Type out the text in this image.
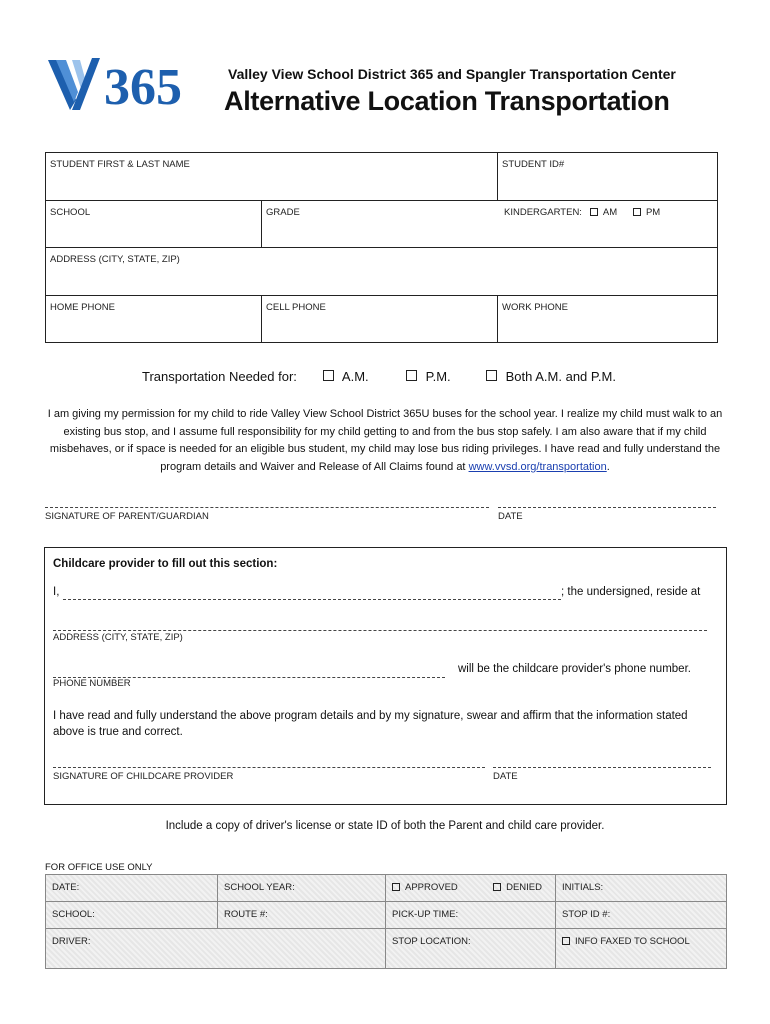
365	Valley View School District 365 and Spangler Transportation Center
Alternative Location Transportation
STUDENT FIRST & LAST NAME	STUDENT ID#
SCHOOL	GRADE	KINDERGARTEN: AM	PM
ADDRESS (CITY, STATE, ZIP)
HOME PHONE	CELL PHONE	WORK PHONE
Transportation Needed for:	A.M.	P.M.	Both A.M. and P.M.
I am giving my permission for my child to ride Valley View School District 365U buses for the school year. I realize my child must walk to an existing bus stop, and I assume full responsibility for my child getting to and from the bus stop safely. I am also aware that if my child misbehaves, or if space is needed for an eligible bus student, my child may lose bus riding privileges. I have read and fully understand the program details and Waiver and Release of All Claims found at www.vvsd.org/transportation.
SIGNATURE OF PARENT/GUARDIAN	DATE
Childcare provider to fill out this section:
I,	; the undersigned, reside at
ADDRESS (CITY, STATE, ZIP)
will be the childcare provider's phone number.
PHONE NUMBER
I have read and fully understand the above program details and by my signature, swear and affirm that the information stated above is true and correct.
SIGNATURE OF CHILDCARE PROVIDER	DATE
Include a copy of driver's license or state ID of both the Parent and child care provider.
FOR OFFICE USE ONLY
DATE:	SCHOOL YEAR:	APPROVED	DENIED	INITIALS:
SCHOOL:	ROUTE #:	PICK-UP TIME:	STOP ID #:
DRIVER:	STOP LOCATION:	INFO FAXED TO SCHOOL
